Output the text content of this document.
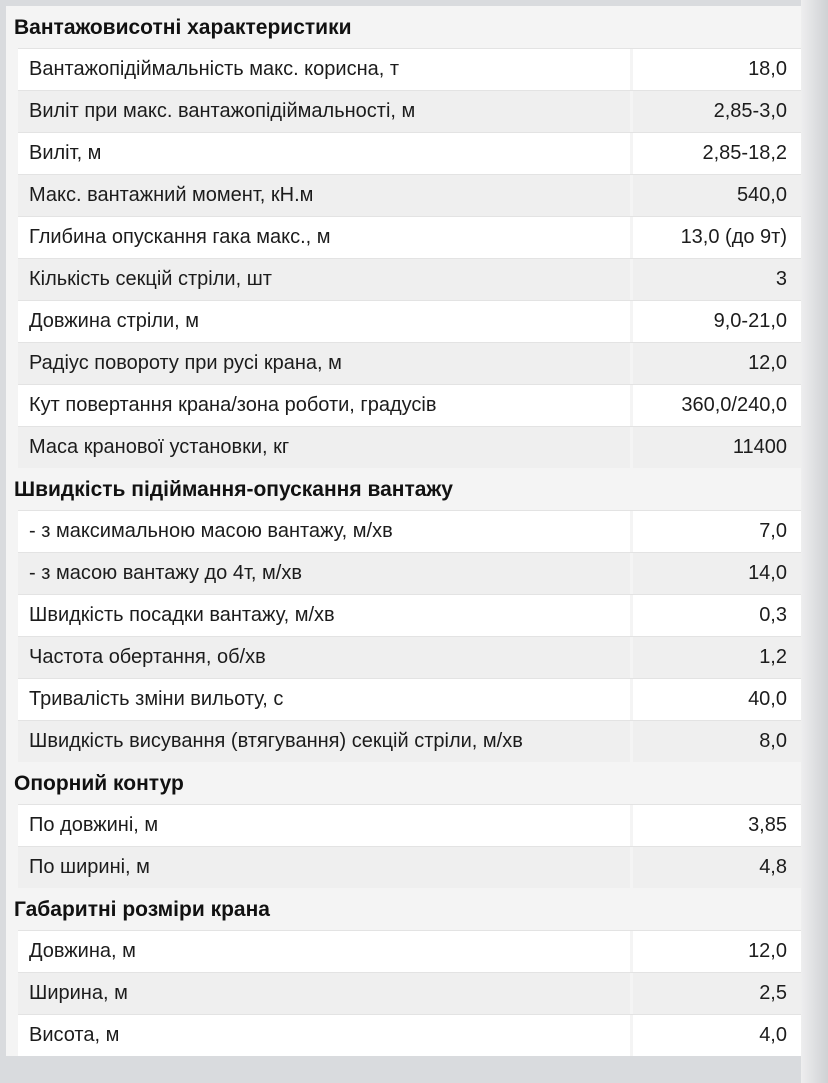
Вантажовисотні характеристики
Вантажопідіймальність макс. корисна, т	18,0
Виліт при макс. вантажопідіймальності, м	2,85-3,0
Виліт, м	2,85-18,2
Макс. вантажний момент, кН.м	540,0
Глибина опускання гака макс., м	13,0 (до 9т)
Кількість секцій стріли, шт	3
Довжина стріли, м	9,0-21,0
Радіус повороту при русі крана, м	12,0
Кут повертання крана/зона роботи, градусів	360,0/240,0
Маса кранової установки, кг	11400
Швидкість підіймання-опускання вантажу
- з максимальною масою вантажу, м/хв	7,0
- з масою вантажу до 4т, м/хв	14,0
Швидкість посадки вантажу, м/хв	0,3
Частота обертання, об/хв	1,2
Тривалість зміни вильоту, с	40,0
Швидкість висування (втягування) секцій стріли, м/хв	8,0
Опорний контур
По довжині, м	3,85
По ширині, м	4,8
Габаритні розміри крана
Довжина, м	12,0
Ширина, м	2,5
Висота, м	4,0
